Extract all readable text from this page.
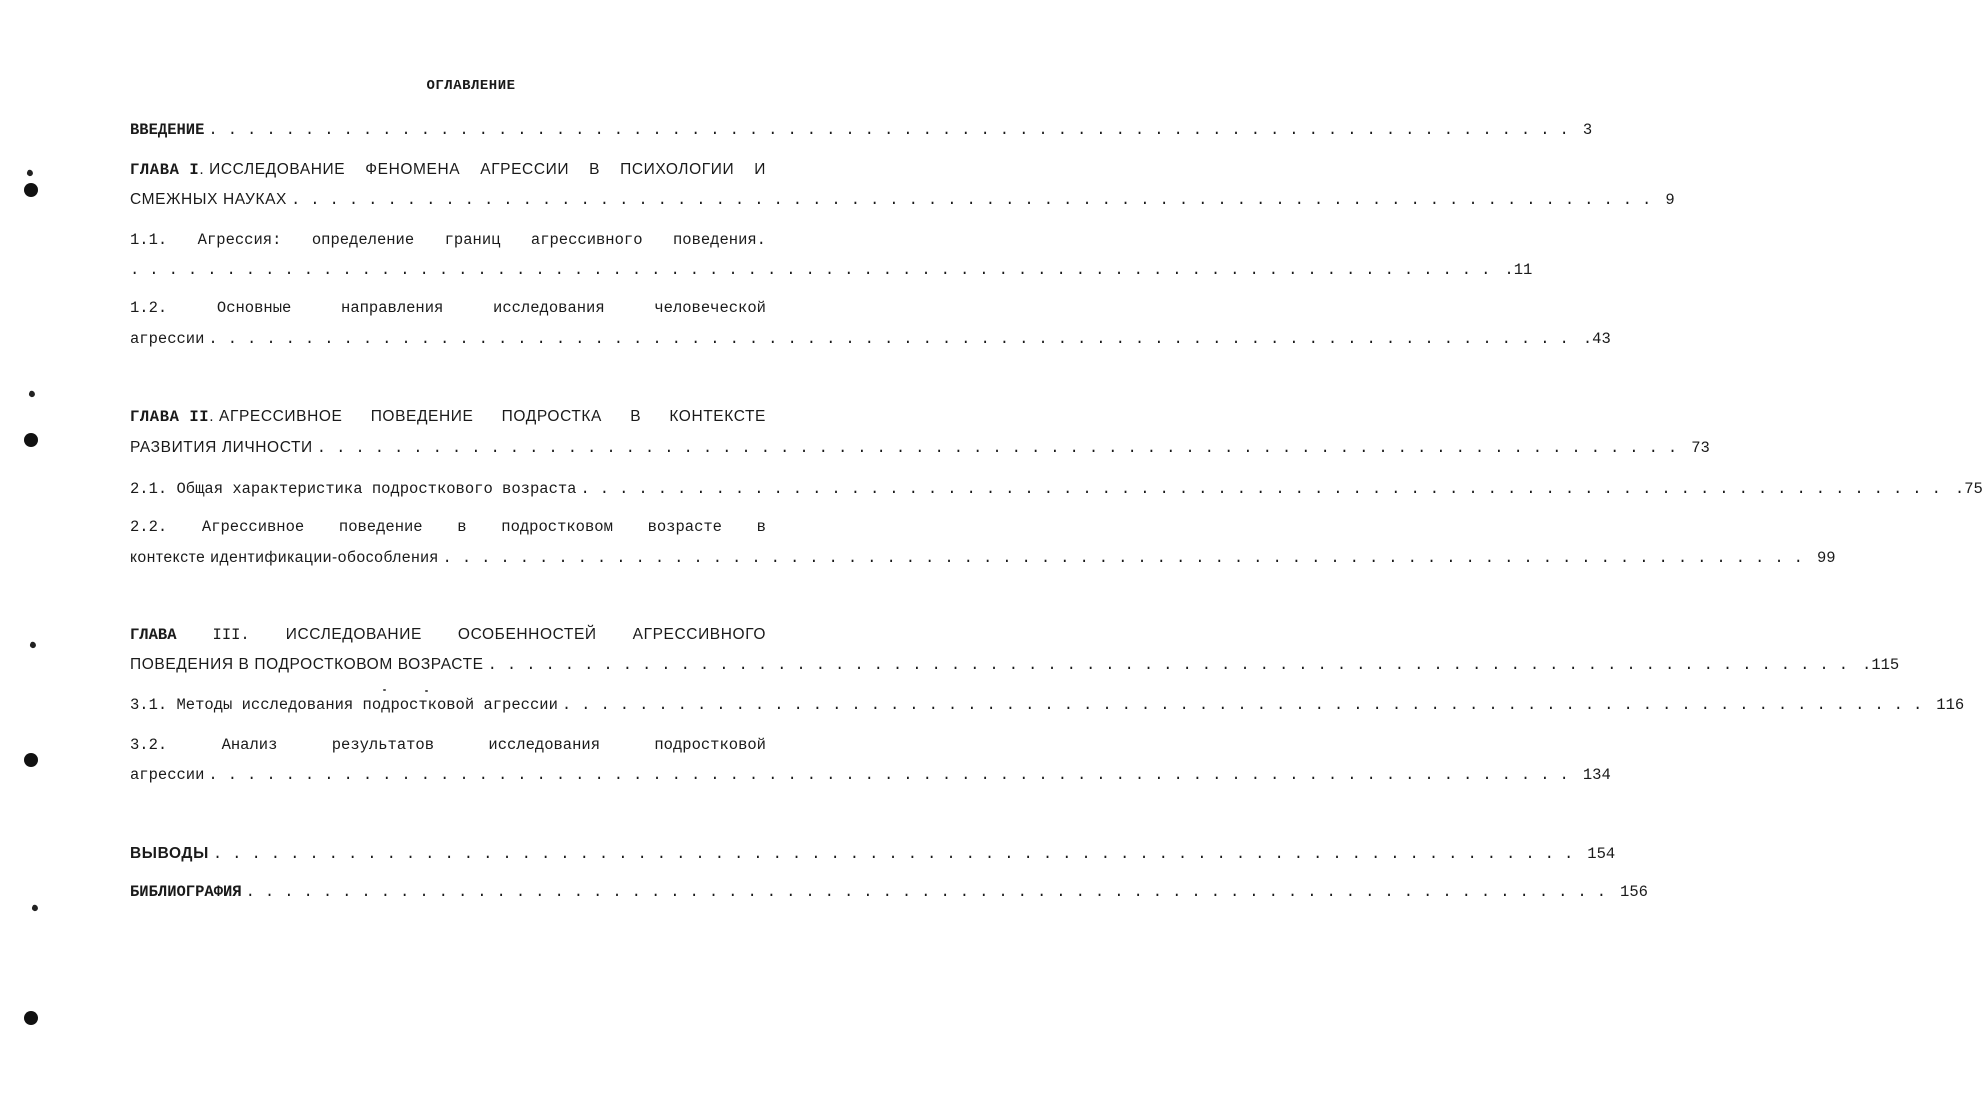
ОГЛАВЛЕНИЕ
ВВЕДЕНИЕ ....................................................................... 3
ГЛАВА I. ИССЛЕДОВАНИЕ ФЕНОМЕНА АГРЕССИИ В ПСИХОЛОГИИ И
СМЕЖНЫХ НАУКАХ ....................................................................... 9
1.1. Агрессия: определение границ агрессивного поведения.
....................................................................... .11
1.2.	Основные	направления	исследования	человеческой
агрессии ....................................................................... .43
ГЛАВА II. АГРЕССИВНОЕ ПОВЕДЕНИЕ ПОДРОСТКА В КОНТЕКСТЕ
РАЗВИТИЯ ЛИЧНОСТИ ....................................................................... 73
2.1. Общая характеристика подросткового возраста ....................................................................... .75
2.2. Агрессивное поведение в подростковом возрасте в
контексте идентификации-обособления ....................................................................... 99
ГЛАВА III. ИССЛЕДОВАНИЕ ОСОБЕННОСТЕЙ АГРЕССИВНОГО
ПОВЕДЕНИЯ В ПОДРОСТКОВОМ ВОЗРАСТЕ ....................................................................... .115
3.1. Методы исследования подростковой агрессии ....................................................................... 116
3.2.	Анализ	результатов	исследования	подростковой
агрессии ....................................................................... 134
ВЫВОДЫ ....................................................................... 154
БИБЛИОГРАФИЯ ....................................................................... 156
